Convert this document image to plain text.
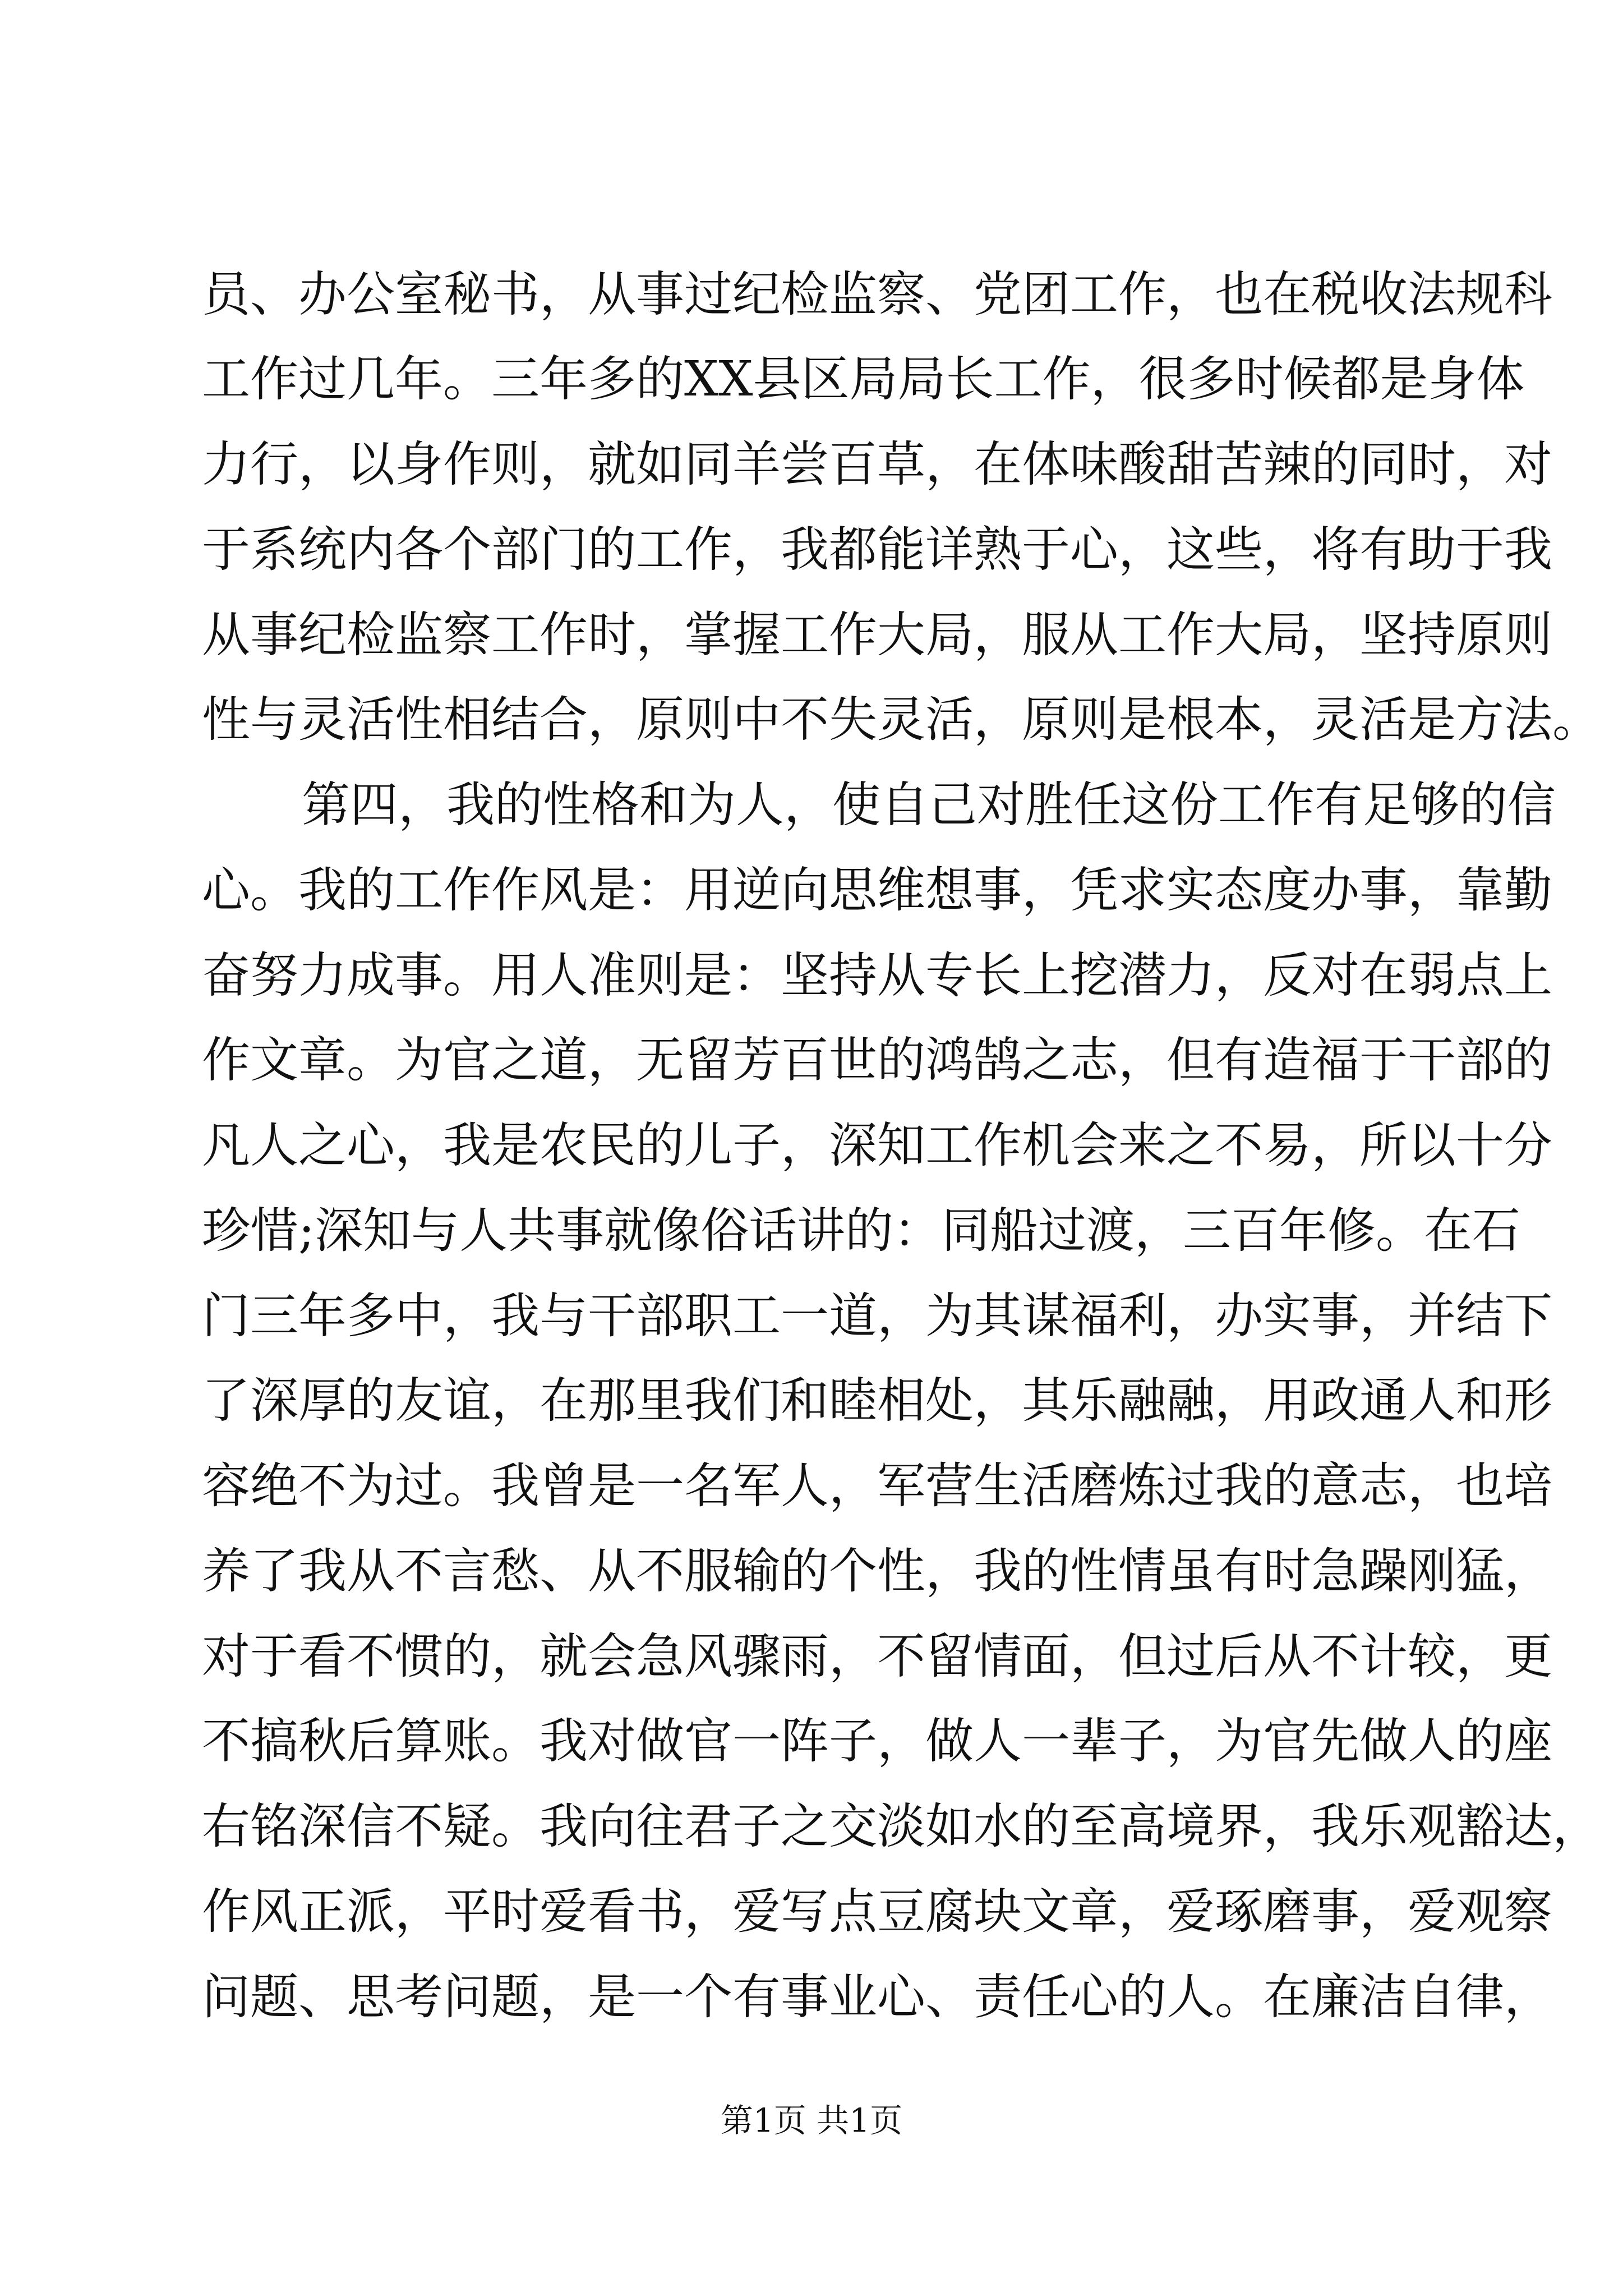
员、办公室秘书，从事过纪检监察、党团工作，也在税收法规科
工作过几年。三年多的XX县区局局长工作，很多时候都是身体
力行，以身作则，就如同羊尝百草，在体味酸甜苦辣的同时，对
于系统内各个部门的工作，我都能详熟于心，这些，将有助于我
从事纪检监察工作时，掌握工作大局，服从工作大局，坚持原则
性与灵活性相结合，原则中不失灵活，原则是根本，灵活是方法。
第四，我的性格和为人，使自己对胜任这份工作有足够的信
心。我的工作作风是：用逆向思维想事，凭求实态度办事，靠勤
奋努力成事。用人准则是：坚持从专长上挖潜力，反对在弱点上
作文章。为官之道，无留芳百世的鸿鹄之志，但有造福于干部的
凡人之心，我是农民的儿子，深知工作机会来之不易，所以十分
珍惜;深知与人共事就像俗话讲的：同船过渡，三百年修。在石
门三年多中，我与干部职工一道，为其谋福利，办实事，并结下
了深厚的友谊，在那里我们和睦相处，其乐融融，用政通人和形
容绝不为过。我曾是一名军人，军营生活磨炼过我的意志，也培
养了我从不言愁、从不服输的个性，我的性情虽有时急躁刚猛，
对于看不惯的，就会急风骤雨，不留情面，但过后从不计较，更
不搞秋后算账。我对做官一阵子，做人一辈子，为官先做人的座
右铭深信不疑。我向往君子之交淡如水的至高境界，我乐观豁达，
作风正派，平时爱看书，爱写点豆腐块文章，爱琢磨事，爱观察
问题、思考问题，是一个有事业心、责任心的人。在廉洁自律，
第1页 共1页
